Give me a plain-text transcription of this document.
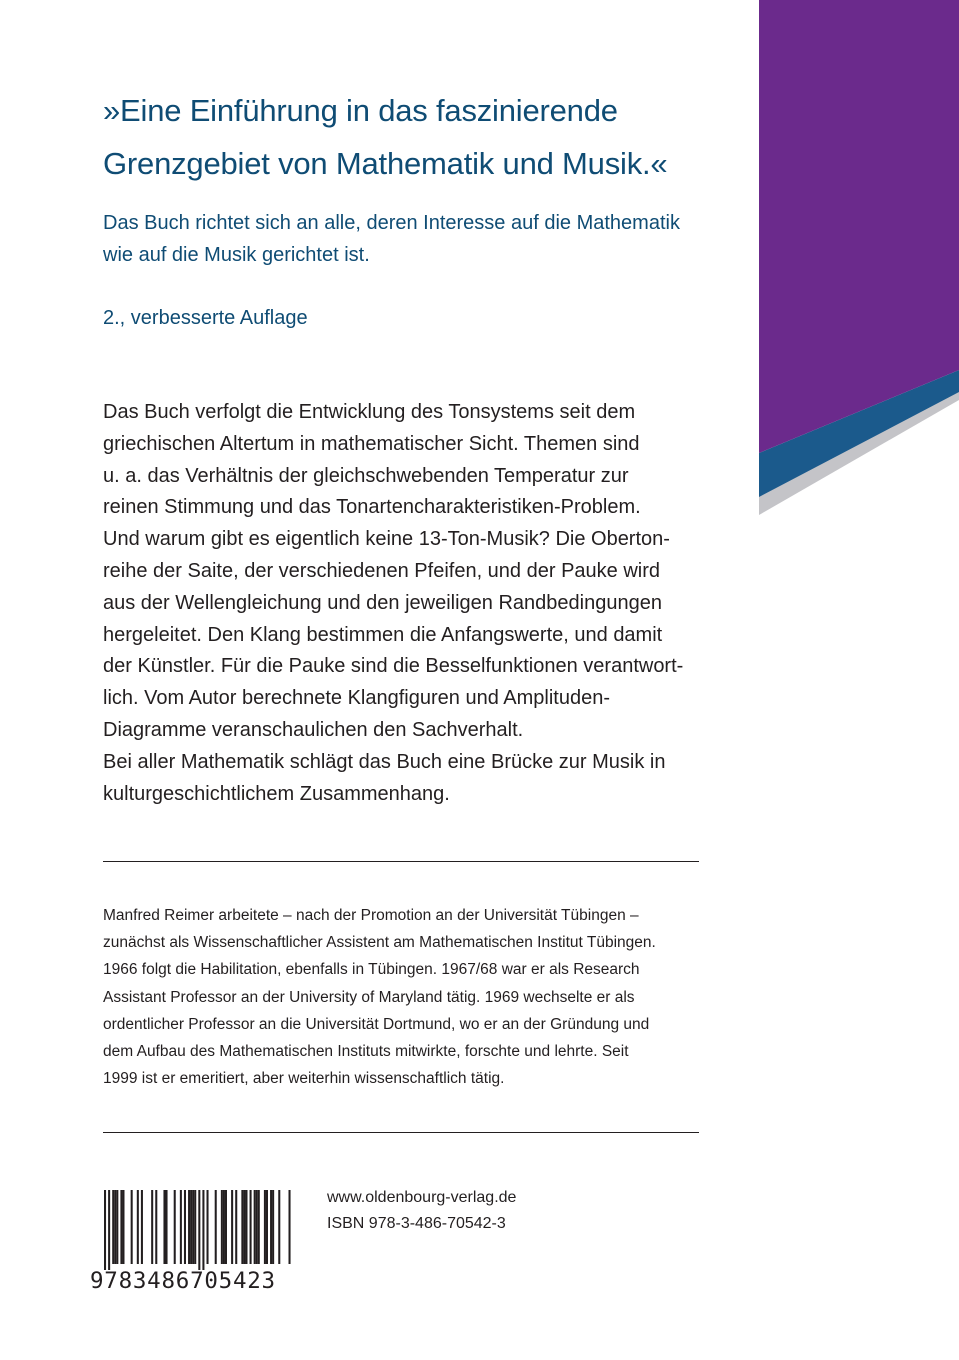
»Eine Einführung in das faszinierende
Grenzgebiet von Mathematik und Musik.«

Das Buch richtet sich an alle, deren Interesse auf die Mathematik
wie auf die Musik gerichtet ist.

2., verbesserte Auflage

Das Buch verfolgt die Entwicklung des Tonsystems seit dem
griechischen Altertum in mathematischer Sicht. Themen sind
u. a. das Verhältnis der gleichschwebenden Temperatur zur
reinen Stimmung und das Tonartencharakteristiken-Problem.
Und warum gibt es eigentlich keine 13-Ton-Musik? Die Oberton-
reihe der Saite, der verschiedenen Pfeifen, und der Pauke wird
aus der Wellengleichung und den jeweiligen Randbedingungen
hergeleitet. Den Klang bestimmen die Anfangswerte, und damit
der Künstler. Für die Pauke sind die Besselfunktionen verantwort-
lich. Vom Autor berechnete Klangfiguren und Amplituden-
Diagramme veranschaulichen den Sachverhalt.
Bei aller Mathematik schlägt das Buch eine Brücke zur Musik in
kulturgeschichtlichem Zusammenhang.

Manfred Reimer arbeitete – nach der Promotion an der Universität Tübingen –
zunächst als Wissenschaftlicher Assistent am Mathematischen Institut Tübingen.
1966 folgt die Habilitation, ebenfalls in Tübingen. 1967/68 war er als Research
Assistant Professor an der University of Maryland tätig. 1969 wechselte er als
ordentlicher Professor an die Universität Dortmund, wo er an der Gründung und
dem Aufbau des Mathematischen Instituts mitwirkte, forschte und lehrte. Seit
1999 ist er emeritiert, aber weiterhin wissenschaftlich tätig.

9783486705423

www.oldenbourg-verlag.de
ISBN 978-3-486-70542-3
